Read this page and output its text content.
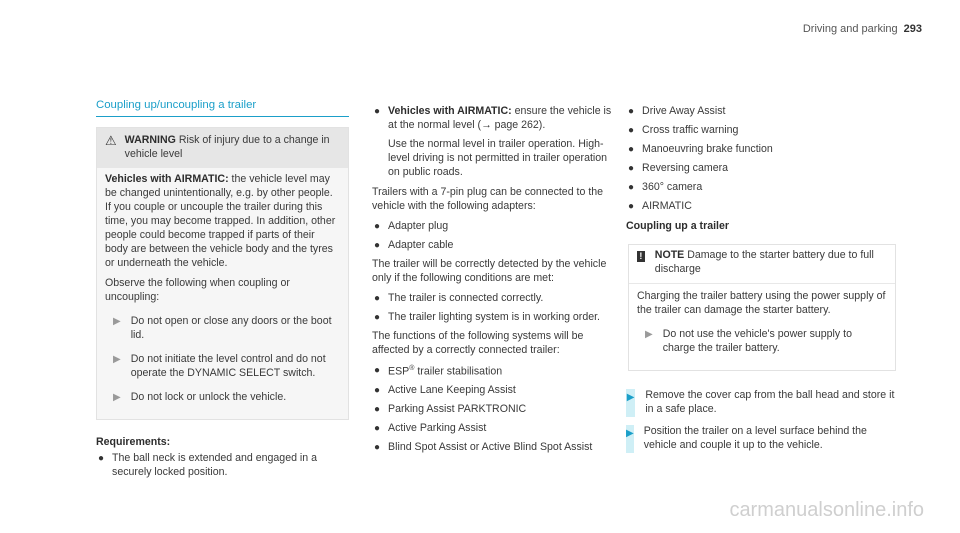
Driving and parking 293
Coupling up/uncoupling a trailer
⚠ WARNING Risk of injury due to a change in vehicle level

Vehicles with AIRMATIC: the vehicle level may be changed unintentionally, e.g. by other people. If you couple or uncouple the trailer during this time, you may become trapped. In addition, other people could become trapped if parts of their body are between the vehicle body and the tyres or underneath the vehicle.

Observe the following when coupling or uncoupling:

▶ Do not open or close any doors or the boot lid.
▶ Do not initiate the level control and do not operate the DYNAMIC SELECT switch.
▶ Do not lock or unlock the vehicle.
Requirements:
● The ball neck is extended and engaged in a securely locked position.
● Vehicles with AIRMATIC: ensure the vehicle is at the normal level (→ page 262).

Use the normal level in trailer operation. High-level driving is not permitted in trailer operation on public roads.

Trailers with a 7-pin plug can be connected to the vehicle with the following adapters:

● Adapter plug
● Adapter cable

The trailer will be correctly detected by the vehicle only if the following conditions are met:

● The trailer is connected correctly.
● The trailer lighting system is in working order.

The functions of the following systems will be affected by a correctly connected trailer:

● ESP® trailer stabilisation
● Active Lane Keeping Assist
● Parking Assist PARKTRONIC
● Active Parking Assist
● Blind Spot Assist or Active Blind Spot Assist
● Drive Away Assist
● Cross traffic warning
● Manoeuvring brake function
● Reversing camera
● 360° camera
● AIRMATIC
Coupling up a trailer
! NOTE Damage to the starter battery due to full discharge

Charging the trailer battery using the power supply of the trailer can damage the starter battery.

▶ Do not use the vehicle's power supply to charge the trailer battery.
▶ Remove the cover cap from the ball head and store it in a safe place.
▶ Position the trailer on a level surface behind the vehicle and couple it up to the vehicle.
carmanualsonline.info
